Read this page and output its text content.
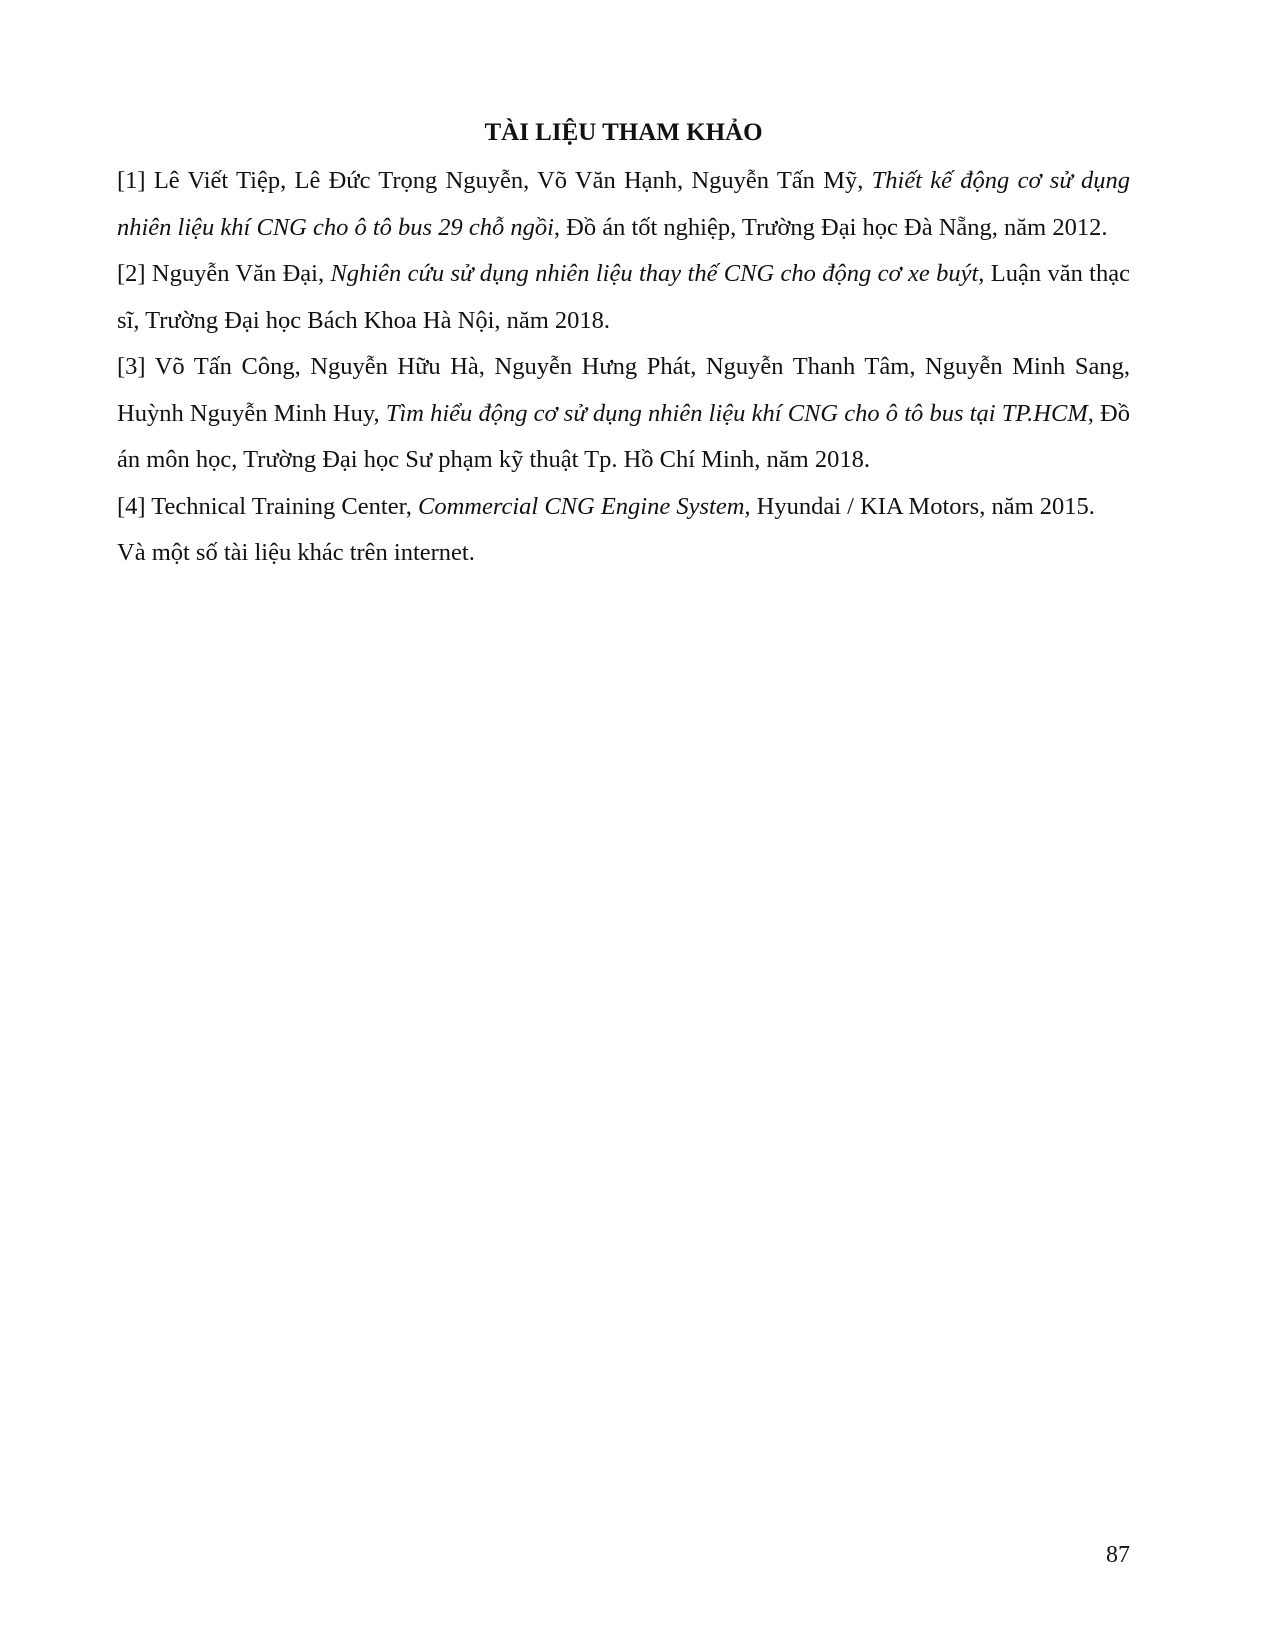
TÀI LIỆU THAM KHẢO

[1] Lê Viết Tiệp, Lê Đức Trọng Nguyễn, Võ Văn Hạnh, Nguyễn Tấn Mỹ, Thiết kế động cơ sử dụng nhiên liệu khí CNG cho ô tô bus 29 chỗ ngồi, Đồ án tốt nghiệp, Trường Đại học Đà Nẵng, năm 2012.

[2] Nguyễn Văn Đại, Nghiên cứu sử dụng nhiên liệu thay thế CNG cho động cơ xe buýt, Luận văn thạc sĩ, Trường Đại học Bách Khoa Hà Nội, năm 2018.

[3] Võ Tấn Công, Nguyễn Hữu Hà, Nguyễn Hưng Phát, Nguyễn Thanh Tâm, Nguyễn Minh Sang, Huỳnh Nguyễn Minh Huy, Tìm hiểu động cơ sử dụng nhiên liệu khí CNG cho ô tô bus tại TP.HCM, Đồ án môn học, Trường Đại học Sư phạm kỹ thuật Tp. Hồ Chí Minh, năm 2018.

[4] Technical Training Center, Commercial CNG Engine System, Hyundai / KIA Motors, năm 2015.

Và một số tài liệu khác trên internet.

87
